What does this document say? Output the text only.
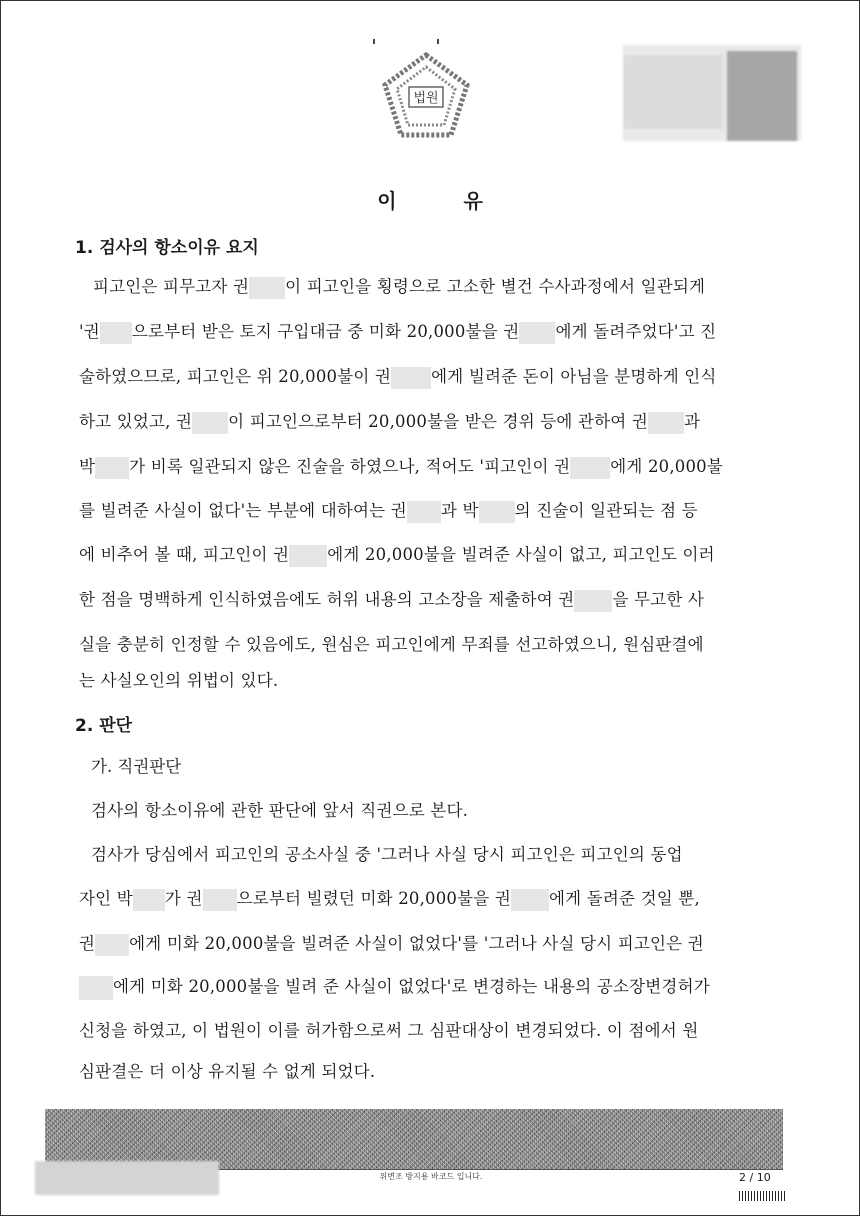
법원
이	유
1. 검사의 항소이유 요지
피고인은 피무고자 권 이 피고인을 횡령으로 고소한 별건 수사과정에서 일관되게
'권 으로부터 받은 토지 구입대금 중 미화 20,000불을 권 에게 돌려주었다'고 진
술하였으므로, 피고인은 위 20,000불이 권 에게 빌려준 돈이 아님을 분명하게 인식
하고 있었고, 권 이 피고인으로부터 20,000불을 받은 경위 등에 관하여 권 과
박 가 비록 일관되지 않은 진술을 하였으나, 적어도 '피고인이 권 에게 20,000불
를 빌려준 사실이 없다'는 부분에 대하여는 권 과 박 의 진술이 일관되는 점 등
에 비추어 볼 때, 피고인이 권 에게 20,000불을 빌려준 사실이 없고, 피고인도 이러
한 점을 명백하게 인식하였음에도 허위 내용의 고소장을 제출하여 권 을 무고한 사
실을 충분히 인정할 수 있음에도, 원심은 피고인에게 무죄를 선고하였으니, 원심판결에
는 사실오인의 위법이 있다.
2. 판단
가. 직권판단
검사의 항소이유에 관한 판단에 앞서 직권으로 본다.
검사가 당심에서 피고인의 공소사실 중 '그러나 사실 당시 피고인은 피고인의 동업
자인 박 가 권 으로부터 빌렸던 미화 20,000불을 권 에게 돌려준 것일 뿐,
권 에게 미화 20,000불을 빌려준 사실이 없었다'를 '그러나 사실 당시 피고인은 권
에게 미화 20,000불을 빌려 준 사실이 없었다'로 변경하는 내용의 공소장변경허가
신청을 하였고, 이 법원이 이를 허가함으로써 그 심판대상이 변경되었다. 이 점에서 원
심판결은 더 이상 유지될 수 없게 되었다.
위변조 방지용 바코드 입니다.	2 / 10
